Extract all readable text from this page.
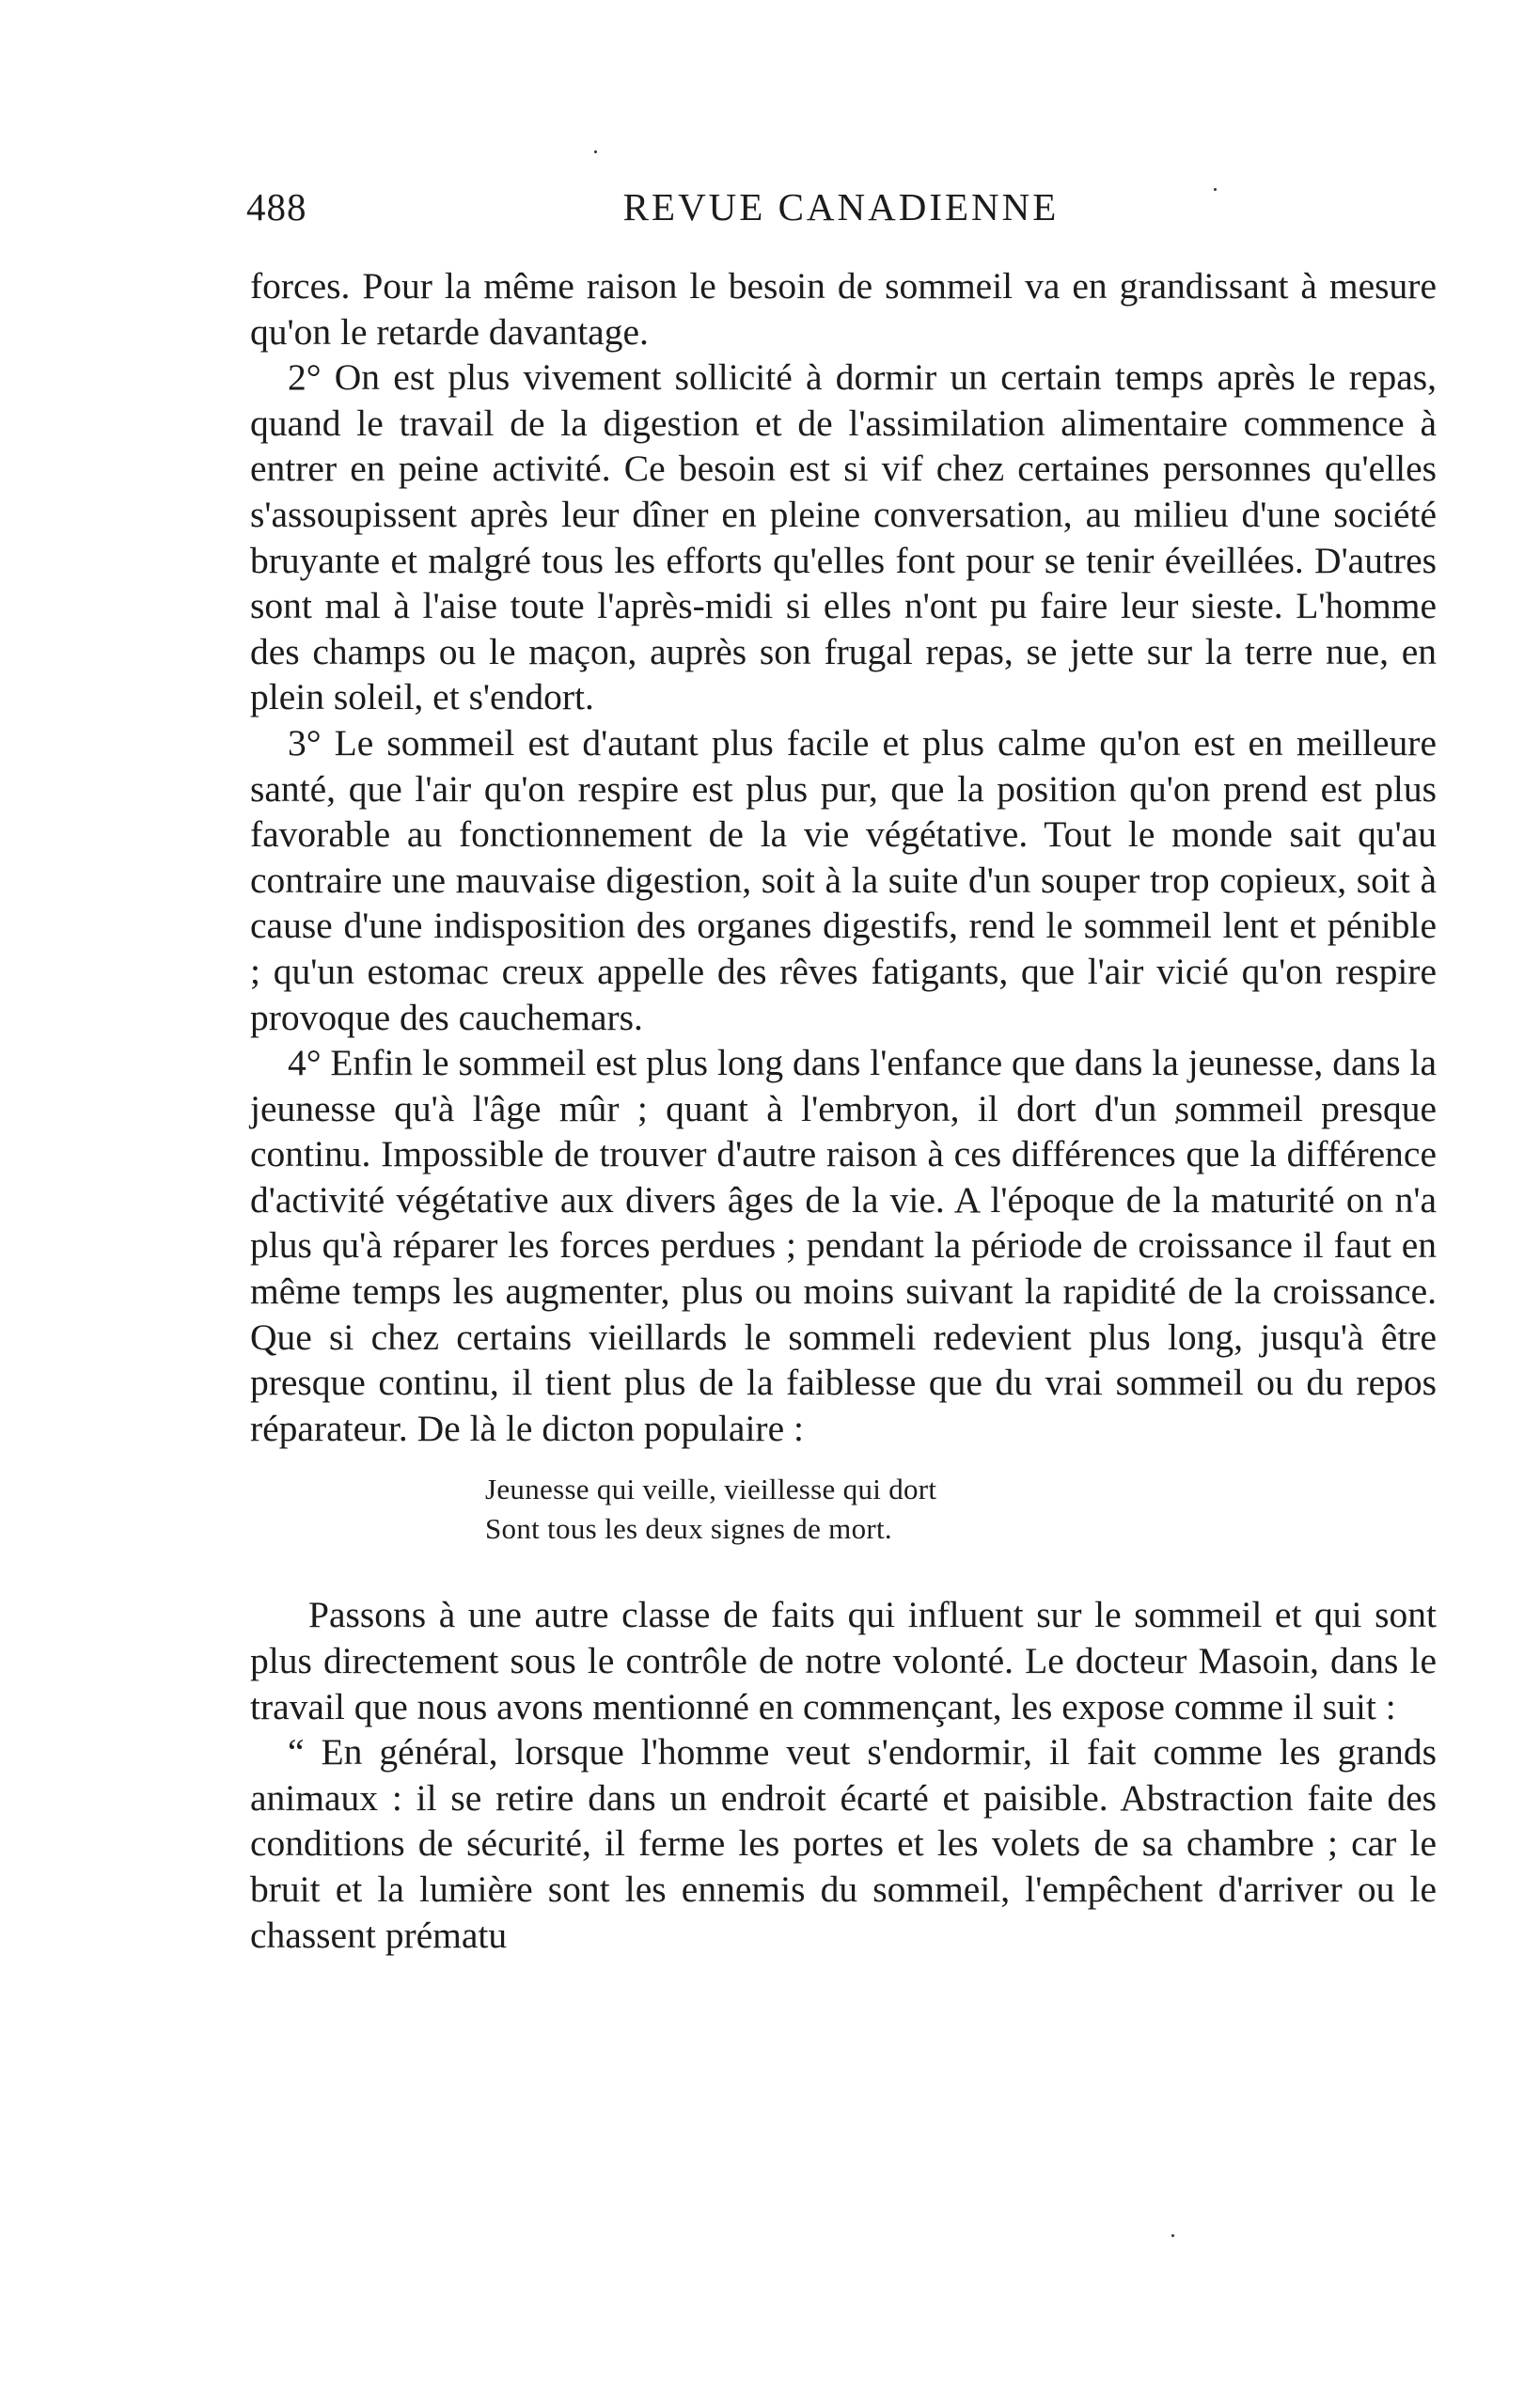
488	REVUE CANADIENNE

forces. Pour la même raison le besoin de sommeil va en grandissant à mesure qu'on le retarde davantage.

2° On est plus vivement sollicité à dormir un certain temps après le repas, quand le travail de la digestion et de l'assimilation alimentaire commence à entrer en peine activité. Ce besoin est si vif chez certaines personnes qu'elles s'assoupissent après leur dîner en pleine conversation, au milieu d'une société bruyante et malgré tous les efforts qu'elles font pour se tenir éveillées. D'autres sont mal à l'aise toute l'après-midi si elles n'ont pu faire leur sieste. L'homme des champs ou le maçon, auprès son frugal repas, se jette sur la terre nue, en plein soleil, et s'endort.

3° Le sommeil est d'autant plus facile et plus calme qu'on est en meilleure santé, que l'air qu'on respire est plus pur, que la position qu'on prend est plus favorable au fonctionnement de la vie végétative. Tout le monde sait qu'au contraire une mauvaise digestion, soit à la suite d'un souper trop copieux, soit à cause d'une indisposition des organes digestifs, rend le sommeil lent et pénible ; qu'un estomac creux appelle des rêves fatigants, que l'air vicié qu'on respire provoque des cauchemars.

4° Enfin le sommeil est plus long dans l'enfance que dans la jeunesse, dans la jeunesse qu'à l'âge mûr ; quant à l'embryon, il dort d'un sommeil presque continu. Impossible de trouver d'autre raison à ces différences que la différence d'activité végétative aux divers âges de la vie. A l'époque de la maturité on n'a plus qu'à réparer les forces perdues ; pendant la période de croissance il faut en même temps les augmenter, plus ou moins suivant la rapidité de la croissance. Que si chez certains vieillards le sommeli redevient plus long, jusqu'à être presque continu, il tient plus de la faiblesse que du vrai sommeil ou du repos réparateur. De là le dicton populaire :

Jeunesse qui veille, vieillesse qui dort
Sont tous les deux signes de mort.

Passons à une autre classe de faits qui influent sur le sommeil et qui sont plus directement sous le contrôle de notre volonté. Le docteur Masoin, dans le travail que nous avons mentionné en commençant, les expose comme il suit :

“ En général, lorsque l'homme veut s'endormir, il fait comme les grands animaux : il se retire dans un endroit écarté et paisible. Abstraction faite des conditions de sécurité, il ferme les portes et les volets de sa chambre ; car le bruit et la lumière sont les ennemis du sommeil, l'empêchent d'arriver ou le chassent prématu
